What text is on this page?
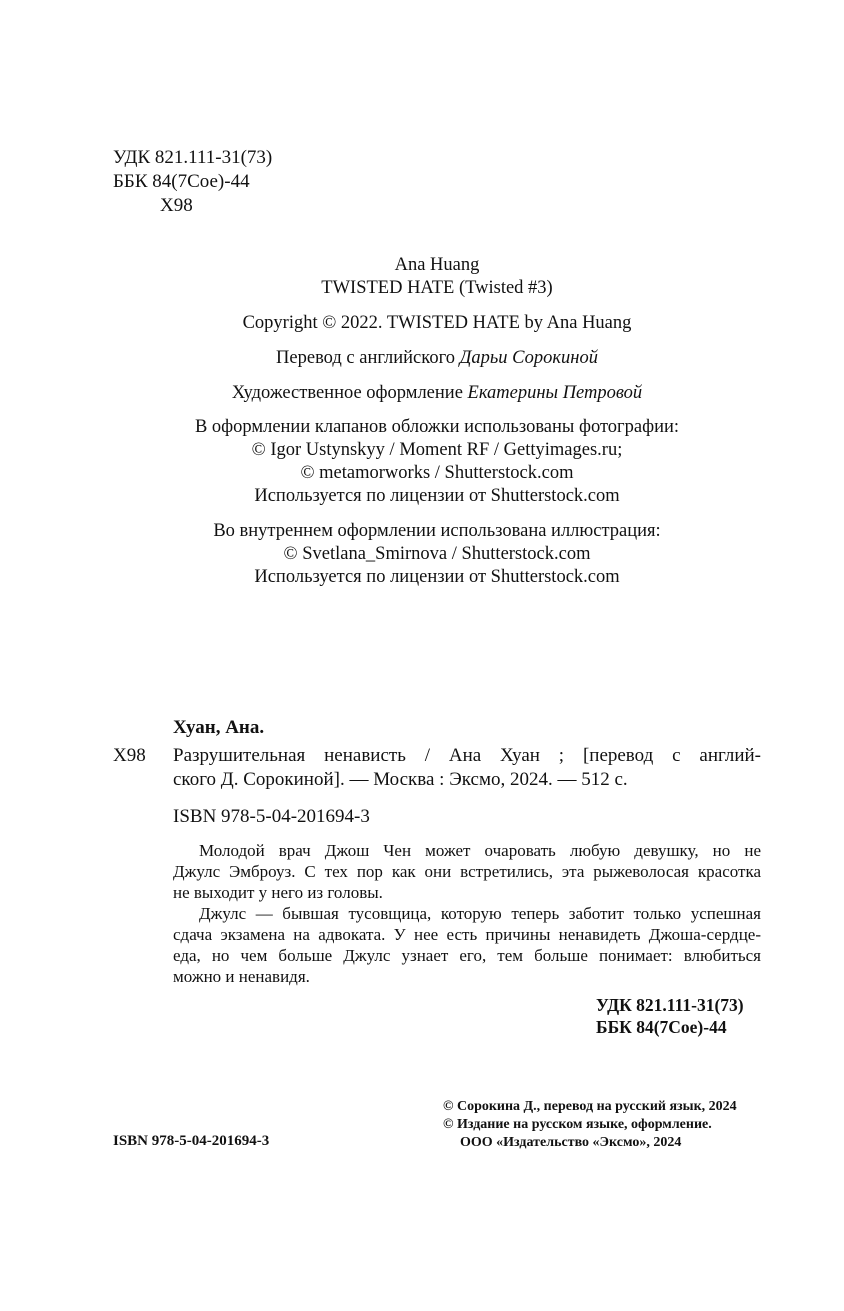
УДК 821.111-31(73)
ББК 84(7Сое)-44
Х98
Ana Huang
TWISTED HATE (Twisted #3)
Copyright © 2022. TWISTED HATE by Ana Huang
Перевод с английского Дарьи Сорокиной
Художественное оформление Екатерины Петровой
В оформлении клапанов обложки использованы фотографии:
© Igor Ustynskyy / Moment RF / Gettyimages.ru;
© metamorworks / Shutterstock.com
Используется по лицензии от Shutterstock.com
Во внутреннем оформлении использована иллюстрация:
© Svetlana_Smirnova / Shutterstock.com
Используется по лицензии от Shutterstock.com
Хуан, Ана.
Х98 Разрушительная ненависть / Ана Хуан ; [перевод с англий-
ского Д. Сорокиной]. — Москва : Эксмо, 2024. — 512 с.
ISBN 978-5-04-201694-3
Молодой врач Джош Чен может очаровать любую девушку, но не
Джулс Эмброуз. С тех пор как они встретились, эта рыжеволосая красотка
не выходит у него из головы.
Джулс — бывшая тусовщица, которую теперь заботит только успешная
сдача экзамена на адвоката. У нее есть причины ненавидеть Джоша-сердце-
еда, но чем больше Джулс узнает его, тем больше понимает: влюбиться
можно и ненавидя.
УДК 821.111-31(73)
ББК 84(7Сое)-44
ISBN 978-5-04-201694-3
© Сорокина Д., перевод на русский язык, 2024
© Издание на русском языке, оформление.
ООО «Издательство «Эксмо», 2024
